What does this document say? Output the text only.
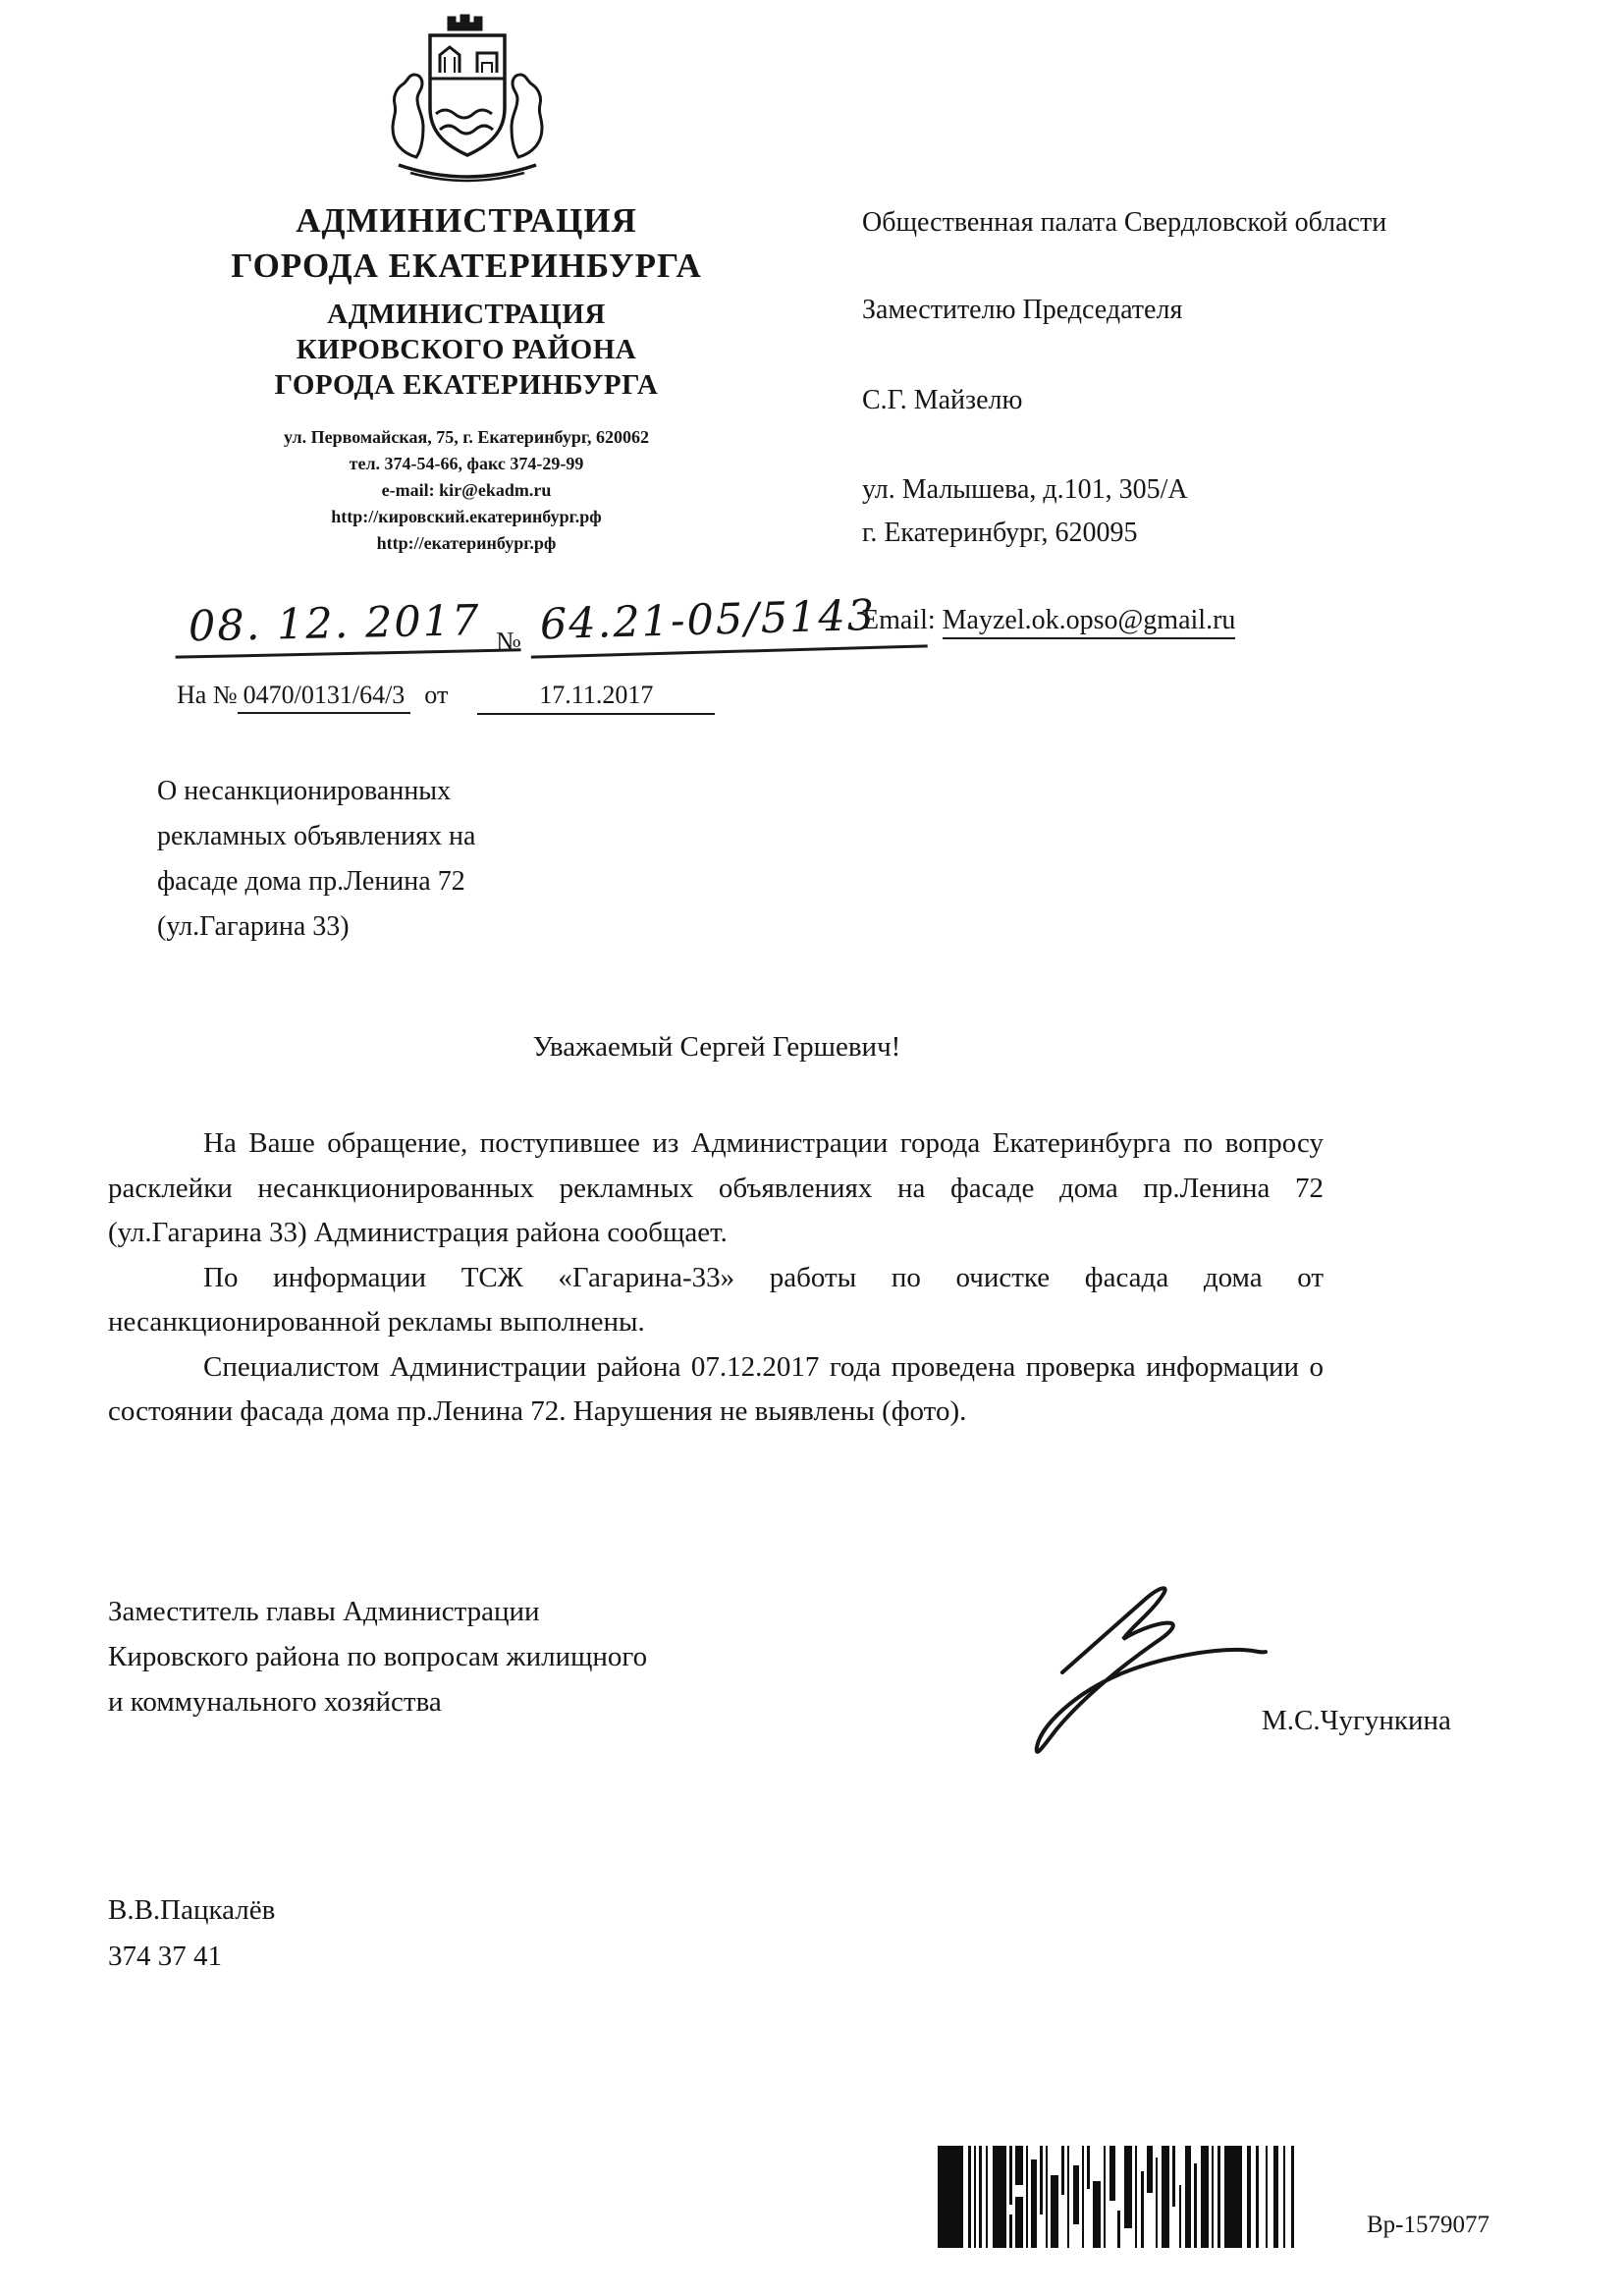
АДМИНИСТРАЦИЯ
ГОРОДА ЕКАТЕРИНБУРГА
АДМИНИСТРАЦИЯ
КИРОВСКОГО РАЙОНА
ГОРОДА ЕКАТЕРИНБУРГА
ул. Первомайская, 75, г. Екатеринбург, 620062
тел. 374-54-66, факс 374-29-99
e-mail: kir@ekadm.ru
http://кировский.екатеринбург.рф
http://екатеринбург.рф
08. 12. 2017 № 64.21-05/5143
На № 0470/0131/64/3 от	17.11.2017
Общественная палата Свердловской области
Заместителю Председателя
С.Г. Майзелю
ул. Малышева, д.101, 305/А
г. Екатеринбург, 620095
Email: Mayzel.ok.opso@gmail.ru
О несанкционированных
рекламных объявлениях на
фасаде дома пр.Ленина 72
(ул.Гагарина 33)
Уважаемый Сергей Гершевич!

На Ваше обращение, поступившее из Администрации города Екатеринбурга по вопросу расклейки несанкционированных рекламных объявлениях на фасаде дома пр.Ленина 72 (ул.Гагарина 33) Администрация района сообщает.

По информации ТСЖ «Гагарина-33» работы по очистке фасада дома от несанкционированной рекламы выполнены.

Специалистом Администрации района 07.12.2017 года проведена проверка информации о состоянии фасада дома пр.Ленина 72. Нарушения не выявлены (фото).

Заместитель главы Администрации
Кировского района по вопросам жилищного
и коммунального хозяйства
М.С.Чугункина
В.В.Пацкалёв
374 37 41
Вр-1579077
